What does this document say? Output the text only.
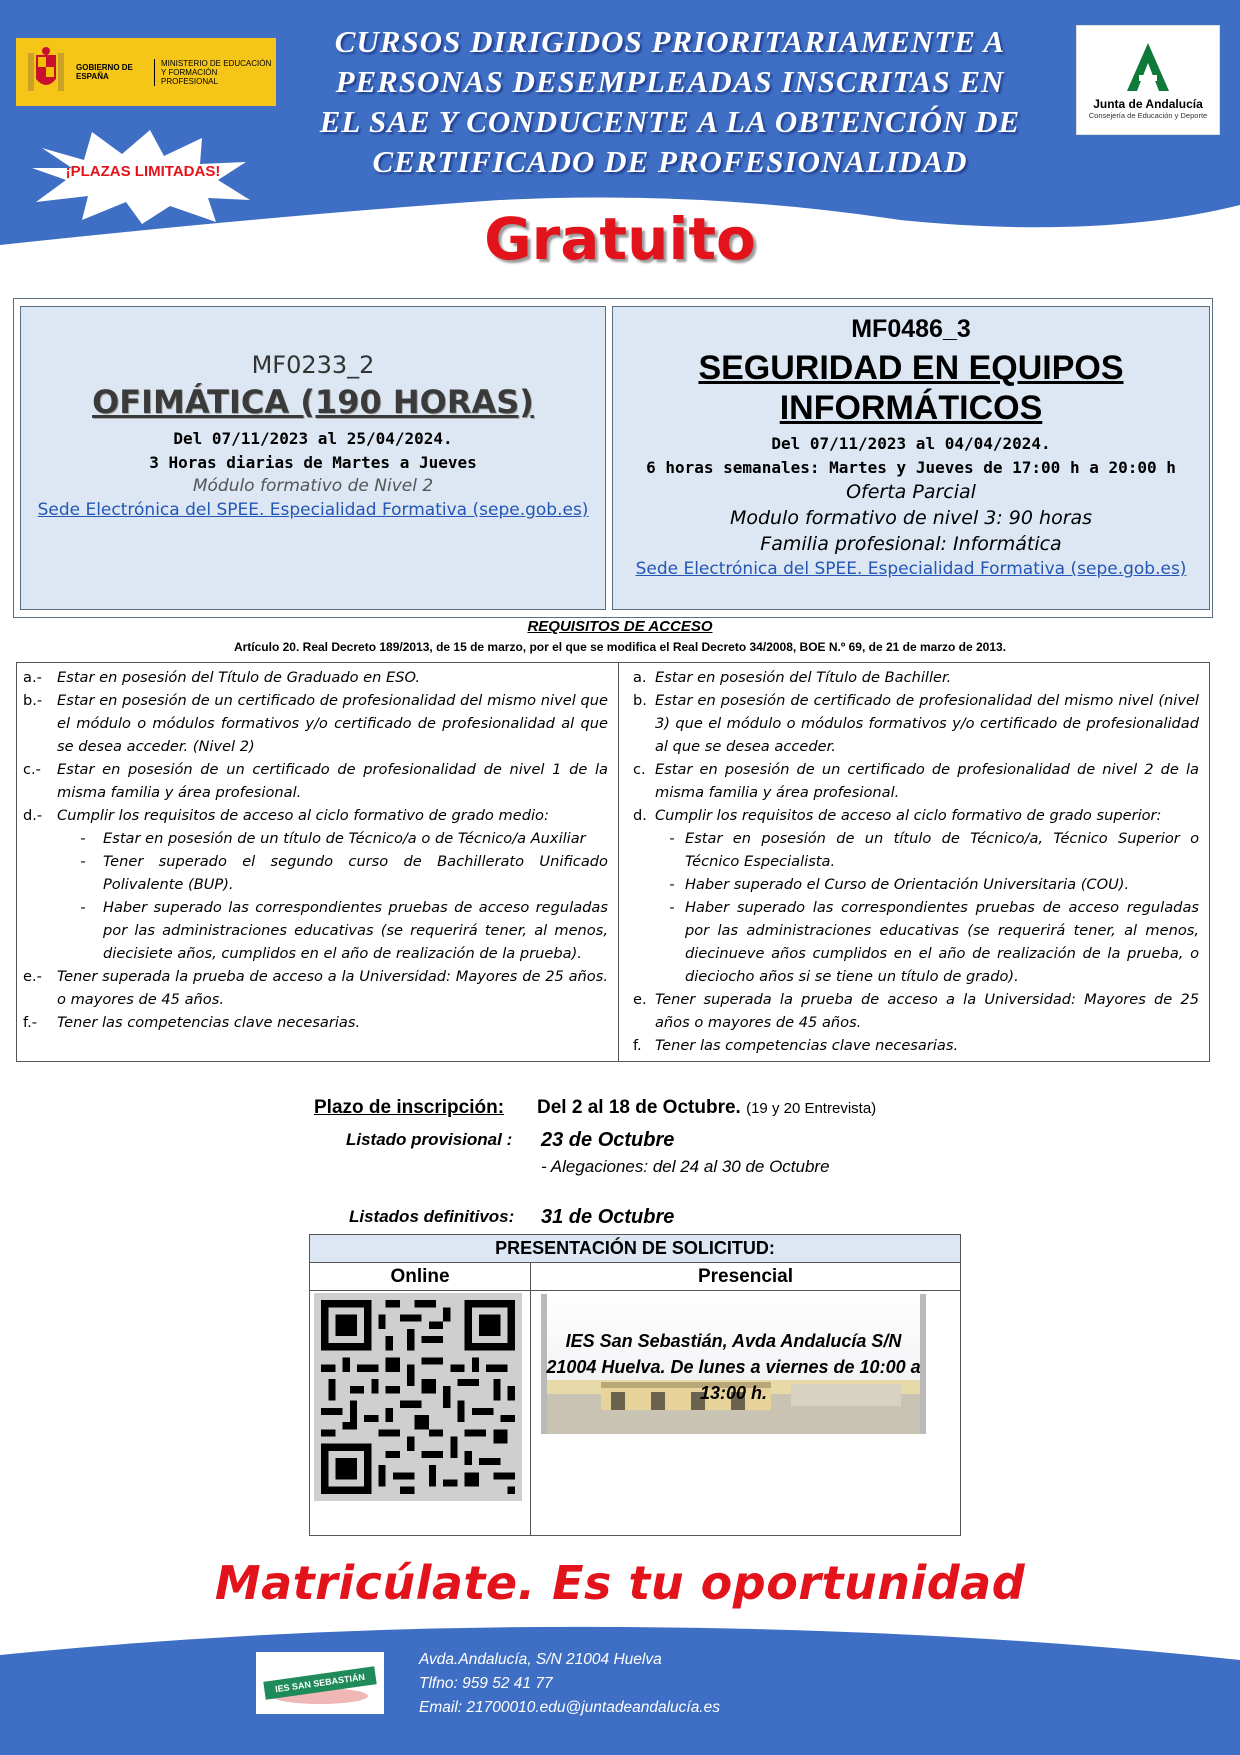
GOBIERNO DE ESPAÑA
MINISTERIO DE EDUCACIÓN Y FORMACIÓN PROFESIONAL
CURSOS DIRIGIDOS PRIORITARIAMENTE A
PERSONAS DESEMPLEADAS INSCRITAS EN
EL SAE Y CONDUCENTE A LA OBTENCIÓN DE
CERTIFICADO DE PROFESIONALIDAD
¡PLAZAS LIMITADAS!
Junta de Andalucía
Consejería de Educación y Deporte
Gratuito
MF0233_2
OFIMÁTICA (190 HORAS)
Del 07/11/2023 al 25/04/2024.
3 Horas diarias de Martes a Jueves
Módulo formativo de Nivel 2
Sede Electrónica del SPEE. Especialidad Formativa (sepe.gob.es)
MF0486_3
SEGURIDAD EN EQUIPOS
INFORMÁTICOS
Del 07/11/2023 al 04/04/2024.
6 horas semanales: Martes y Jueves de 17:00 h a 20:00 h
Oferta Parcial
Modulo formativo de nivel 3: 90 horas
Familia profesional: Informática
Sede Electrónica del SPEE. Especialidad Formativa (sepe.gob.es)
REQUISITOS DE ACCESO
Artículo 20. Real Decreto 189/2013, de 15 de marzo, por el que se modifica el Real Decreto 34/2008, BOE N.º 69, de 21 de marzo de 2013.
a.-	Estar en posesión del Título de Graduado en ESO.
b.-	Estar en posesión de un certificado de profesionalidad del mismo nivel que el módulo o módulos formativos y/o certificado de profesionalidad al que se desea acceder. (Nivel 2)
c.-	Estar en posesión de un certificado de profesionalidad de nivel 1 de la misma familia y área profesional.
d.-	Cumplir los requisitos de acceso al ciclo formativo de grado medio:
-	Estar en posesión de un título de Técnico/a o de Técnico/a Auxiliar
-	Tener superado el segundo curso de Bachillerato Unificado Polivalente (BUP).
-	Haber superado las correspondientes pruebas de acceso reguladas por las administraciones educativas (se requerirá tener, al menos, diecisiete años, cumplidos en el año de realización de la prueba).
e.-	Tener superada la prueba de acceso a la Universidad: Mayores de 25 años. o mayores de 45 años.
f.-	Tener las competencias clave necesarias.
a. Estar en posesión del Título de Bachiller.
b. Estar en posesión de certificado de profesionalidad del mismo nivel (nivel 3) que el módulo o módulos formativos y/o certificado de profesionalidad al que se desea acceder.
c. Estar en posesión de un certificado de profesionalidad de nivel 2 de la misma familia y área profesional.
d. Cumplir los requisitos de acceso al ciclo formativo de grado superior:
- Estar en posesión de un título de Técnico/a, Técnico Superior o Técnico Especialista.
- Haber superado el Curso de Orientación Universitaria (COU).
- Haber superado las correspondientes pruebas de acceso reguladas por las administraciones educativas (se requerirá tener, al menos, diecinueve años cumplidos en el año de realización de la prueba, o dieciocho años si se tiene un título de grado).
e. Tener superada la prueba de acceso a la Universidad: Mayores de 25 años o mayores de 45 años.
f. Tener las competencias clave necesarias.
Plazo de inscripción: Del 2 al 18 de Octubre. (19 y 20 Entrevista)
Listado provisional : 23 de Octubre
- Alegaciones: del 24 al 30 de Octubre
Listados definitivos: 31 de Octubre
PRESENTACIÓN DE SOLICITUD:
Online	Presencial
IES San Sebastián, Avda Andalucía S/N 21004 Huelva. De lunes a viernes de 10:00 a 13:00 h.
Matricúlate. Es tu oportunidad
IES SAN SEBASTIÁN
Avda.Andalucía, S/N 21004 Huelva
Tlfno: 959 52 41 77
Email: 21700010.edu@juntadeandalucía.es
